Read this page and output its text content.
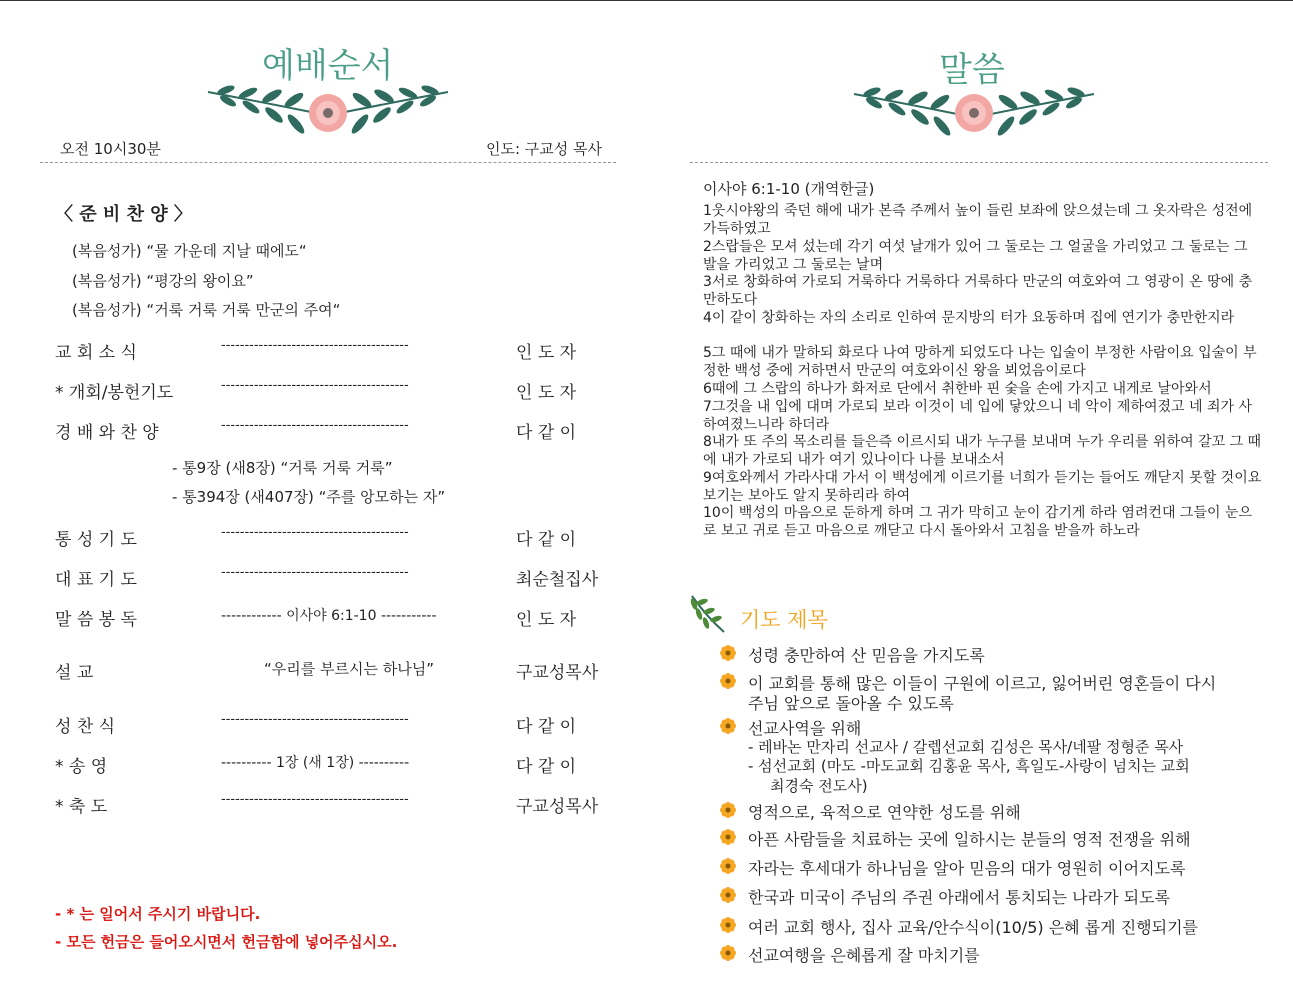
예배순서
오전 10시30분	인도: 구교성 목사
〈 준 비 찬 양 〉
(복음성가) “물 가운데 지날 때에도“
(복음성가) “평강의 왕이요”
(복음성가) “거룩 거룩 거룩 만군의 주여“
교 회 소 식	----------------------------------------	인 도 자
* 개회/봉헌기도	----------------------------------------	인 도 자
경 배 와 찬 양	----------------------------------------	다 같 이
- 통9장 (새8장) “거룩 거룩 거룩”
- 통394장 (새407장) “주를 앙모하는 자”
통 성 기 도	----------------------------------------	다 같 이
대 표 기 도	----------------------------------------	최순철집사
말 씀 봉 독	------------ 이사야 6:1-10 -----------	인 도 자
설 교	“우리를 부르시는 하나님”	구교성목사
성 찬 식	----------------------------------------	다 같 이
* 송 영	---------- 1장 (새 1장) ----------	다 같 이
* 축 도	----------------------------------------	구교성목사
- * 는 일어서 주시기 바랍니다.
- 모든 헌금은 들어오시면서 헌금함에 넣어주십시오.
말씀
이사야 6:1-10 (개역한글)
1웃시야왕의 죽던 해에 내가 본즉 주께서 높이 들린 보좌에 앉으셨는데 그 옷자락은 성전에 가득하였고
2스랍들은 모셔 섰는데 각기 여섯 날개가 있어 그 둘로는 그 얼굴을 가리었고 그 둘로는 그 발을 가리었고 그 둘로는 날며
3서로 창화하여 가로되 거룩하다 거룩하다 거룩하다 만군의 여호와여 그 영광이 온 땅에 충만하도다
4이 같이 창화하는 자의 소리로 인하여 문지방의 터가 요동하며 집에 연기가 충만한지라
5그 때에 내가 말하되 화로다 나여 망하게 되었도다 나는 입술이 부정한 사람이요 입술이 부정한 백성 중에 거하면서 만군의 여호와이신 왕을 뵈었음이로다
6때에 그 스랍의 하나가 화저로 단에서 취한바 핀 숯을 손에 가지고 내게로 날아와서
7그것을 내 입에 대며 가로되 보라 이것이 네 입에 닿았으니 네 악이 제하여졌고 네 죄가 사하여졌느니라 하더라
8내가 또 주의 목소리를 들은즉 이르시되 내가 누구를 보내며 누가 우리를 위하여 갈꼬 그 때에 내가 가로되 내가 여기 있나이다 나를 보내소서
9여호와께서 가라사대 가서 이 백성에게 이르기를 너희가 듣기는 들어도 깨닫지 못할 것이요 보기는 보아도 알지 못하리라 하여
10이 백성의 마음으로 둔하게 하며 그 귀가 막히고 눈이 감기게 하라 염려컨대 그들이 눈으로 보고 귀로 듣고 마음으로 깨닫고 다시 돌아와서 고침을 받을까 하노라
기도 제목
성령 충만하여 산 믿음을 가지도록
이 교회를 통해 많은 이들이 구원에 이르고, 잃어버린 영혼들이 다시
주님 앞으로 돌아올 수 있도록
선교사역을 위해
- 레바논 만자리 선교사 / 갈렙선교회 김성은 목사/네팔 정형준 목사
- 섬선교회 (마도 -마도교회 김홍윤 목사, 흑일도-사랑이 넘치는 교회
최경숙 전도사)
영적으로, 육적으로 연약한 성도를 위해
아픈 사람들을 치료하는 곳에 일하시는 분들의 영적 전쟁을 위해
자라는 후세대가 하나님을 알아 믿음의 대가 영원히 이어지도록
한국과 미국이 주님의 주권 아래에서 통치되는 나라가 되도록
여러 교회 행사, 집사 교육/안수식이(10/5) 은혜 롭게 진행되기를
선교여행을 은혜롭게 잘 마치기를
